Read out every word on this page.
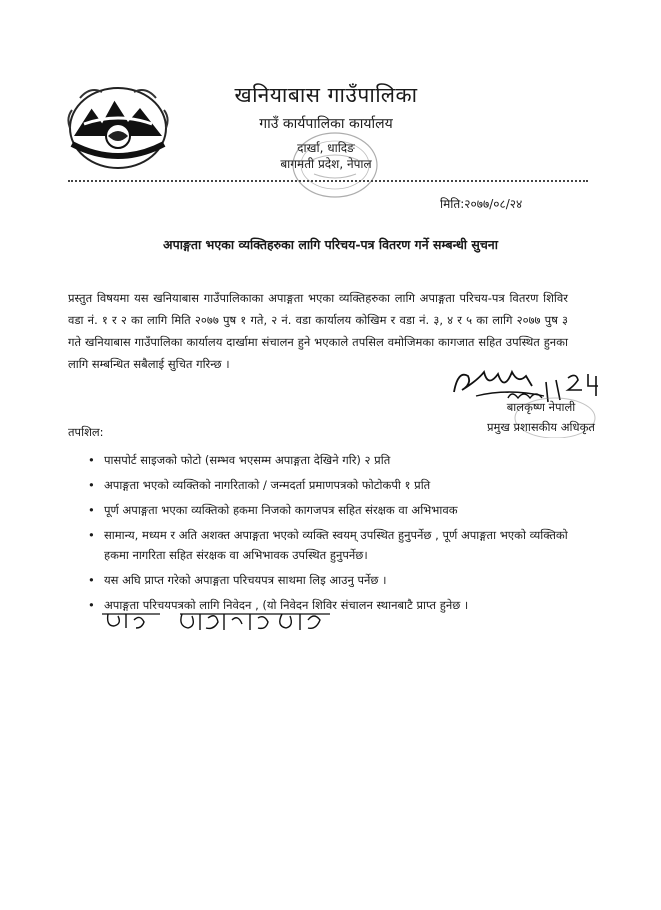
खनियाबास गाउँपालिका
गाउँ कार्यपालिका कार्यालय
दार्खा, धादिङ
बागमती प्रदेश, नेपाल
मिति:२०७७/०८/२४
अपाङ्गता भएका व्यक्तिहरुका लागि परिचय-पत्र वितरण गर्ने सम्बन्धी सुचना
प्रस्तुत विषयमा यस खनियाबास गाउँपालिकाका अपाङ्गता भएका व्यक्तिहरुका लागि अपाङ्गता परिचय-पत्र वितरण शिविर वडा नं. १ र २ का लागि मिति २०७७ पुष १ गते, २ नं. वडा कार्यालय कोखिम र वडा नं. ३, ४ र ५ का लागि २०७७ पुष ३ गते खनियाबास गाउँपालिका कार्यालय दार्खामा संचालन हुने भएकाले तपसिल वमोजिमका कागजात सहित उपस्थित हुनका लागि सम्बन्धित सबैलाई सुचित गरिन्छ ।
बालकृष्ण नेपाली
प्रमुख प्रशासकीय अधिकृत
तपशिल:
• पासपोर्ट साइजको फोटो (सम्भव भएसम्म अपाङ्गता देखिने गरि) २ प्रति
• अपाङ्गता भएको व्यक्तिको नागरिताको / जन्मदर्ता प्रमाणपत्रको फोटोकपी १ प्रति
• पूर्ण अपाङ्गता भएका व्यक्तिको हकमा निजको कागजपत्र सहित संरक्षक वा अभिभावक
• सामान्य, मध्यम र अति अशक्त अपाङ्गता भएको व्यक्ति स्वयम् उपस्थित हुनुपर्नेछ , पूर्ण अपाङ्गता भएको व्यक्तिको हकमा नागरिता सहित संरक्षक वा अभिभावक उपस्थित हुनुपर्नेछ।
• यस अघि प्राप्त गरेको अपाङ्गता परिचयपत्र साथमा लिइ आउनु पर्नेछ ।
• अपाङ्गता परिचयपत्रको लागि निवेदन , (यो निवेदन शिविर संचालन स्थानबाटै प्राप्त हुनेछ ।
